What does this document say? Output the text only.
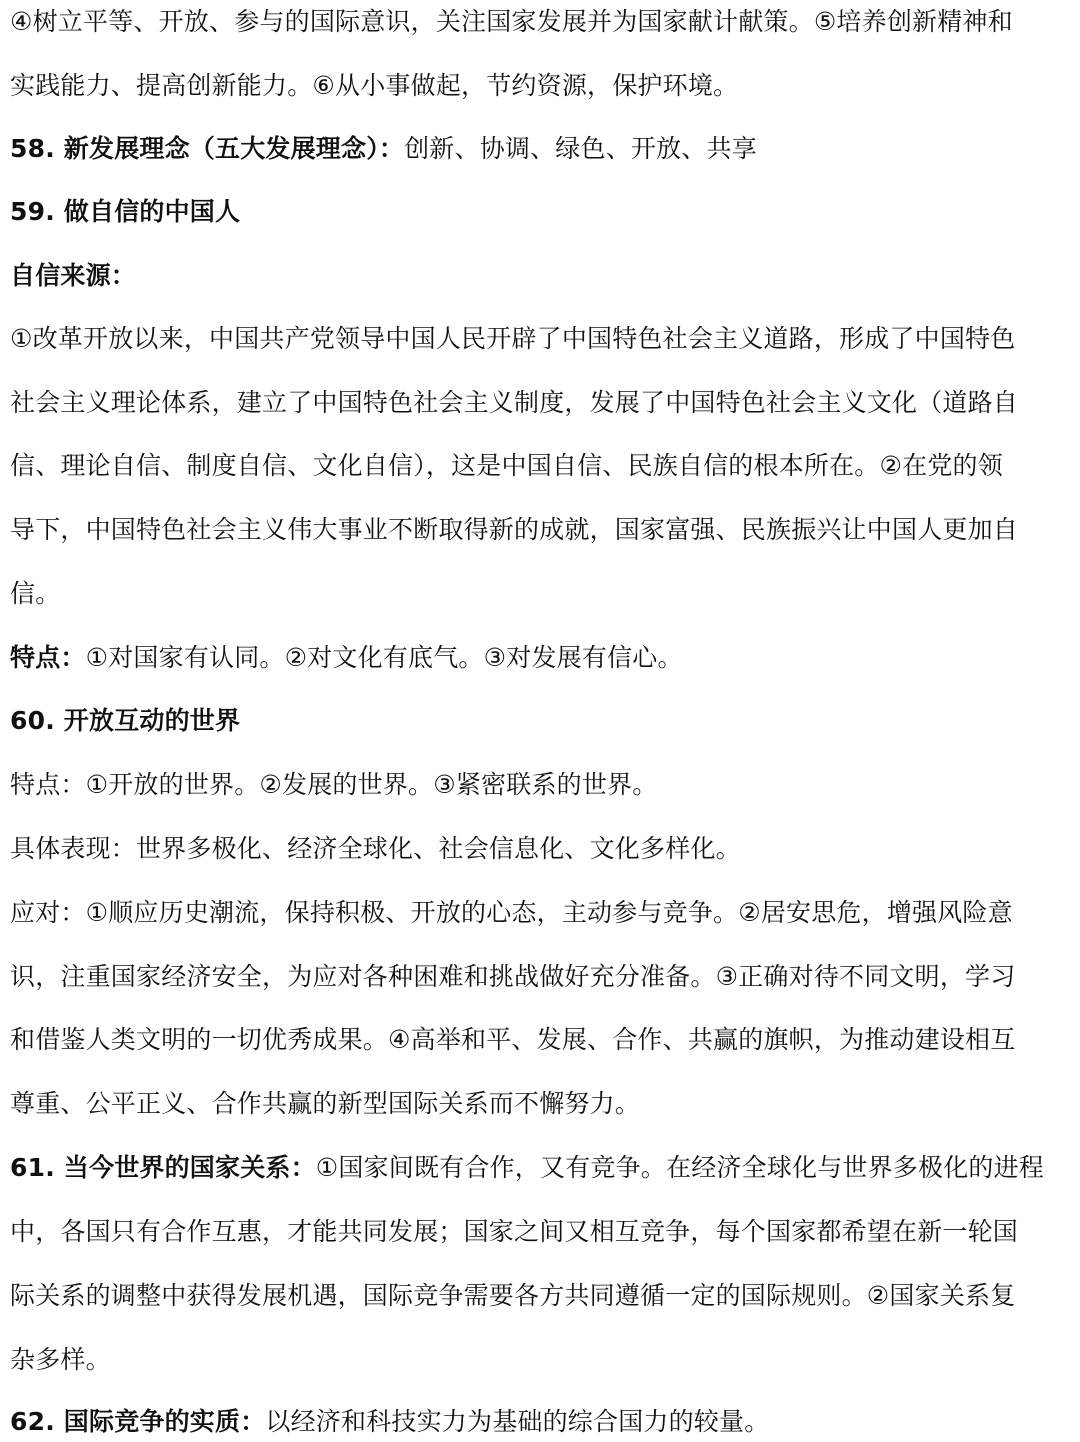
④树立平等、开放、参与的国际意识，关注国家发展并为国家献计献策。⑤培养创新精神和
实践能力、提高创新能力。⑥从小事做起，节约资源，保护环境。
58. 新发展理念（五大发展理念）：创新、协调、绿色、开放、共享
59. 做自信的中国人
自信来源：
①改革开放以来，中国共产党领导中国人民开辟了中国特色社会主义道路，形成了中国特色
社会主义理论体系，建立了中国特色社会主义制度，发展了中国特色社会主义文化（道路自
信、理论自信、制度自信、文化自信），这是中国自信、民族自信的根本所在。②在党的领
导下，中国特色社会主义伟大事业不断取得新的成就，国家富强、民族振兴让中国人更加自
信。
特点：①对国家有认同。②对文化有底气。③对发展有信心。
60. 开放互动的世界
特点：①开放的世界。②发展的世界。③紧密联系的世界。
具体表现：世界多极化、经济全球化、社会信息化、文化多样化。
应对：①顺应历史潮流，保持积极、开放的心态，主动参与竞争。②居安思危，增强风险意
识，注重国家经济安全，为应对各种困难和挑战做好充分准备。③正确对待不同文明，学习
和借鉴人类文明的一切优秀成果。④高举和平、发展、合作、共赢的旗帜，为推动建设相互
尊重、公平正义、合作共赢的新型国际关系而不懈努力。
61. 当今世界的国家关系：①国家间既有合作，又有竞争。在经济全球化与世界多极化的进程
中，各国只有合作互惠，才能共同发展；国家之间又相互竞争，每个国家都希望在新一轮国
际关系的调整中获得发展机遇，国际竞争需要各方共同遵循一定的国际规则。②国家关系复
杂多样。
62. 国际竞争的实质：以经济和科技实力为基础的综合国力的较量。
